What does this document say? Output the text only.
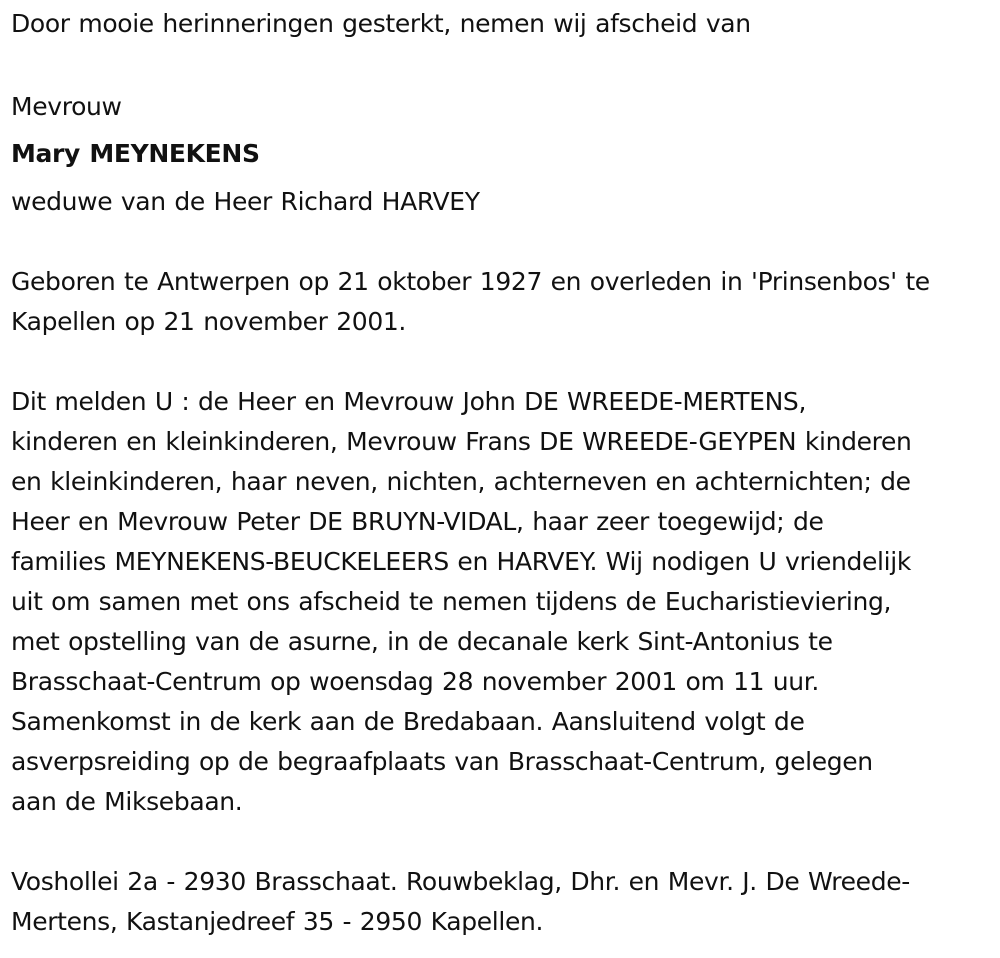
Door mooie herinneringen gesterkt, nemen wij afscheid van
Mevrouw
Mary MEYNEKENS
weduwe van de Heer Richard HARVEY
Geboren te Antwerpen op 21 oktober 1927 en overleden in 'Prinsenbos' te
Kapellen op 21 november 2001.
Dit melden U : de Heer en Mevrouw John DE WREEDE-MERTENS,
kinderen en kleinkinderen, Mevrouw Frans DE WREEDE-GEYPEN kinderen
en kleinkinderen, haar neven, nichten, achterneven en achternichten; de
Heer en Mevrouw Peter DE BRUYN-VIDAL, haar zeer toegewijd; de
families MEYNEKENS-BEUCKELEERS en HARVEY. Wij nodigen U vriendelijk
uit om samen met ons afscheid te nemen tijdens de Eucharistieviering,
met opstelling van de asurne, in de decanale kerk Sint-Antonius te
Brasschaat-Centrum op woensdag 28 november 2001 om 11 uur.
Samenkomst in de kerk aan de Bredabaan. Aansluitend volgt de
asverpsreiding op de begraafplaats van Brasschaat-Centrum, gelegen
aan de Miksebaan.
Voshollei 2a - 2930 Brasschaat. Rouwbeklag, Dhr. en Mevr. J. De Wreede-
Mertens, Kastanjedreef 35 - 2950 Kapellen.
